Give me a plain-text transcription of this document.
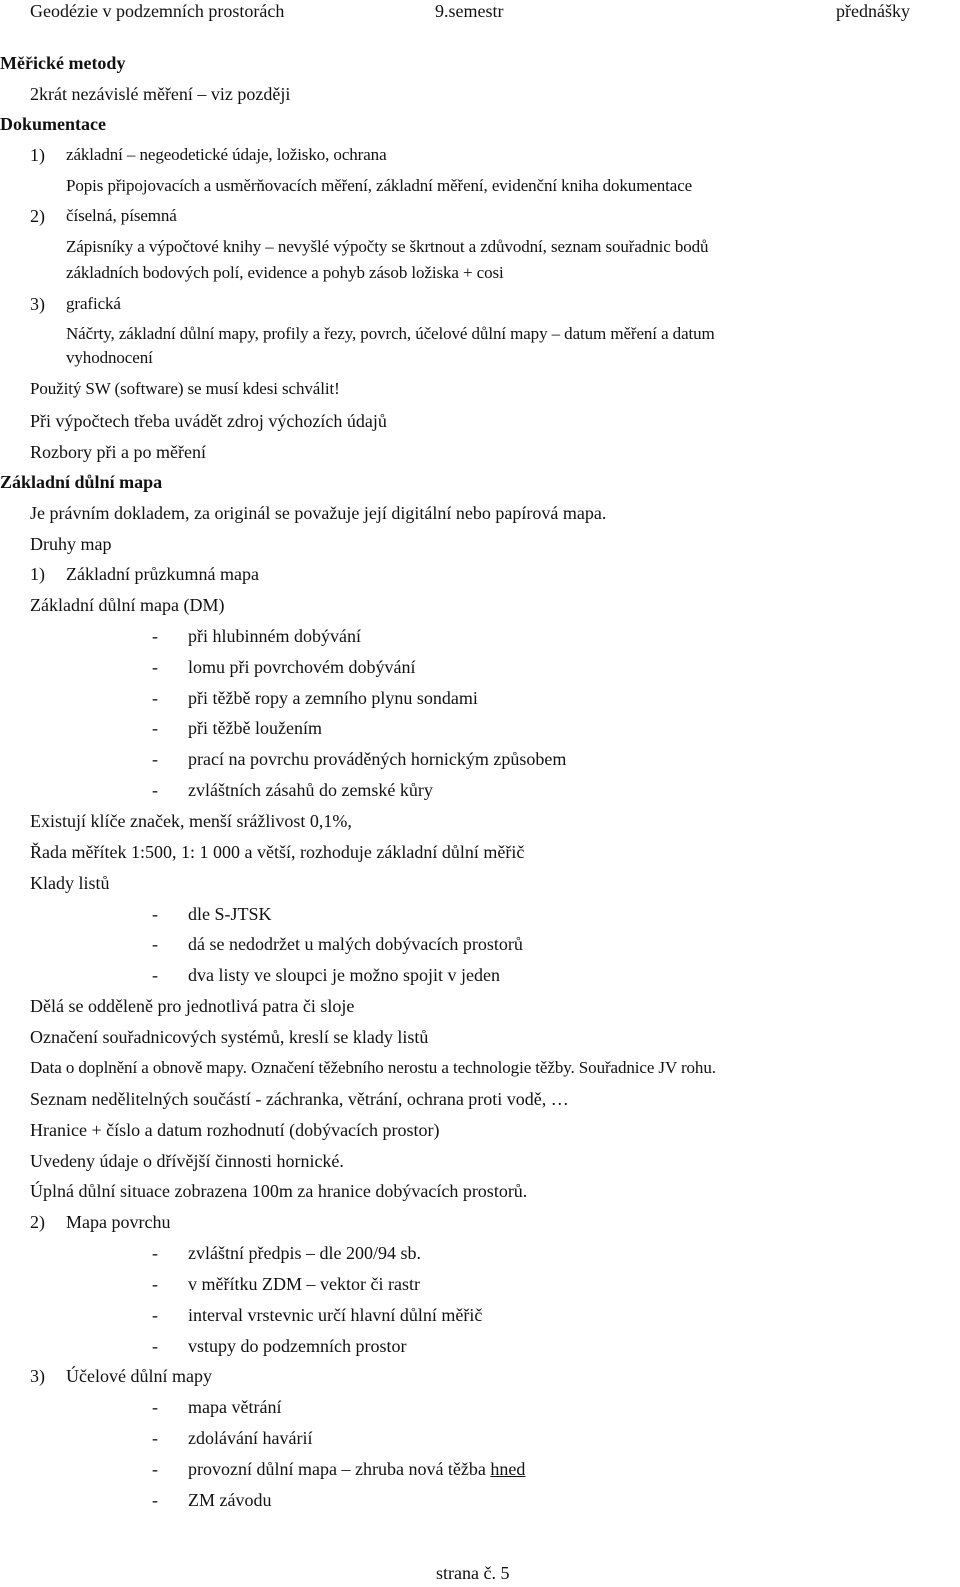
Geodézie v podzemních prostorách	9.semestr	přednášky
Měřické metody
2krát nezávislé měření – viz později
Dokumentace
1) základní – negeodetické údaje, ložisko, ochrana
Popis připojovacích a usměrňovacích měření, základní měření, evidenční kniha dokumentace
2) číselná, písemná
Zápisníky a výpočtové knihy – nevyšlé výpočty se škrtnout a zdůvodní, seznam souřadnic bodů
základních bodových polí, evidence a pohyb zásob ložiska + cosi
3) grafická
Náčrty, základní důlní mapy, profily a řezy, povrch, účelové důlní mapy – datum měření a datum
vyhodnocení
Použitý SW (software) se musí kdesi schválit!
Při výpočtech třeba uvádět zdroj výchozích údajů
Rozbory při a po měření
Základní důlní mapa
Je právním dokladem, za originál se považuje její digitální nebo papírová mapa.
Druhy map
1) Základní průzkumná mapa
Základní důlní mapa (DM)
- při hlubinném dobývání
- lomu při povrchovém dobývání
- při těžbě ropy a zemního plynu sondami
- při těžbě loužením
- prací na povrchu prováděných hornickým způsobem
- zvláštních zásahů do zemské kůry
Existují klíče značek, menší srážlivost 0,1%,
Řada měřítek 1:500, 1: 1 000 a větší, rozhoduje základní důlní měřič
Klady listů
- dle S-JTSK
- dá se nedodržet u malých dobývacích prostorů
- dva listy ve sloupci je možno spojit v jeden
Dělá se odděleně pro jednotlivá patra či sloje
Označení souřadnicových systémů, kreslí se klady listů
Data o doplnění a obnově mapy. Označení těžebního nerostu a technologie těžby. Souřadnice JV rohu.
Seznam nedělitelných součástí - záchranka, větrání, ochrana proti vodě, …
Hranice + číslo a datum rozhodnutí (dobývacích prostor)
Uvedeny údaje o dřívější činnosti hornické.
Úplná důlní situace zobrazena 100m za hranice dobývacích prostorů.
2) Mapa povrchu
- zvláštní předpis – dle 200/94 sb.
- v měřítku ZDM – vektor či rastr
- interval vrstevnic určí hlavní důlní měřič
- vstupy do podzemních prostor
3) Účelové důlní mapy
- mapa větrání
- zdolávání havárií
- provozní důlní mapa – zhruba nová těžba hned
- ZM závodu
strana č. 5
